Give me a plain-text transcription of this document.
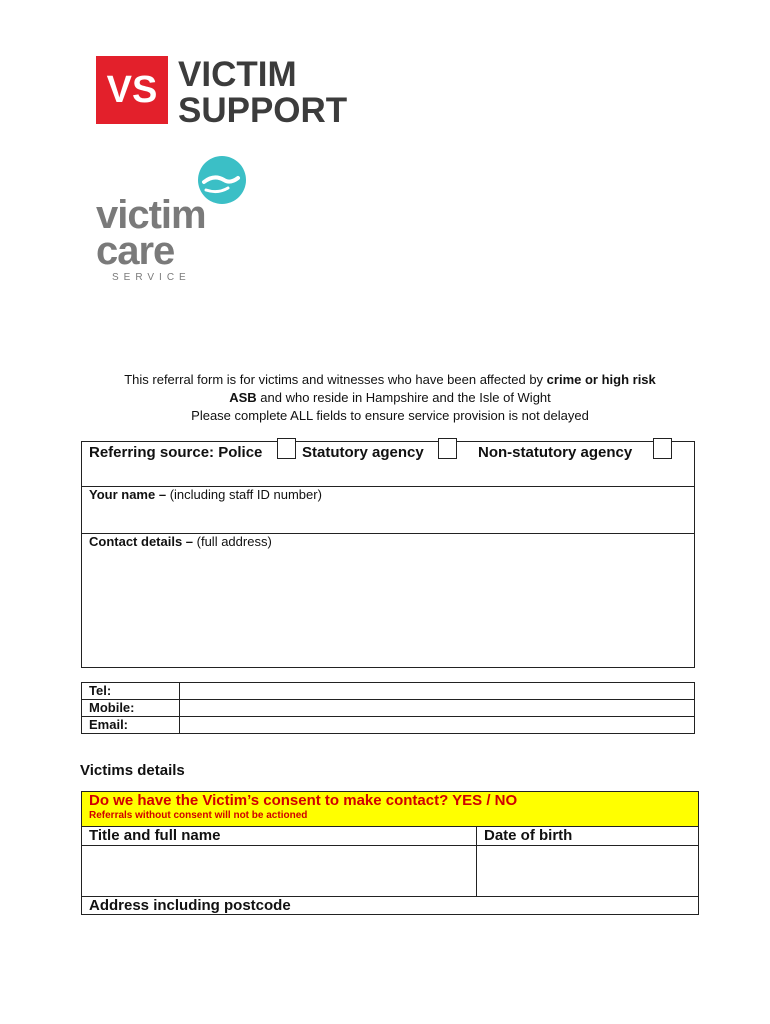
VS VICTIM
SUPPORT
victim
care
SERVICE
This referral form is for victims and witnesses who have been affected by crime or high risk
ASB and who reside in Hampshire and the Isle of Wight
Please complete ALL fields to ensure service provision is not delayed
Referring source: Police	Statutory agency	Non-statutory agency

Your name – (including staff ID number)
Contact details – (full address)
Tel:	
Mobile:	
Email:	
Victims details
Do we have the Victim’s consent to make contact? YES / NO
Referrals without consent will not be actioned	

Title and full name	Date of birth

Address including postcode	
